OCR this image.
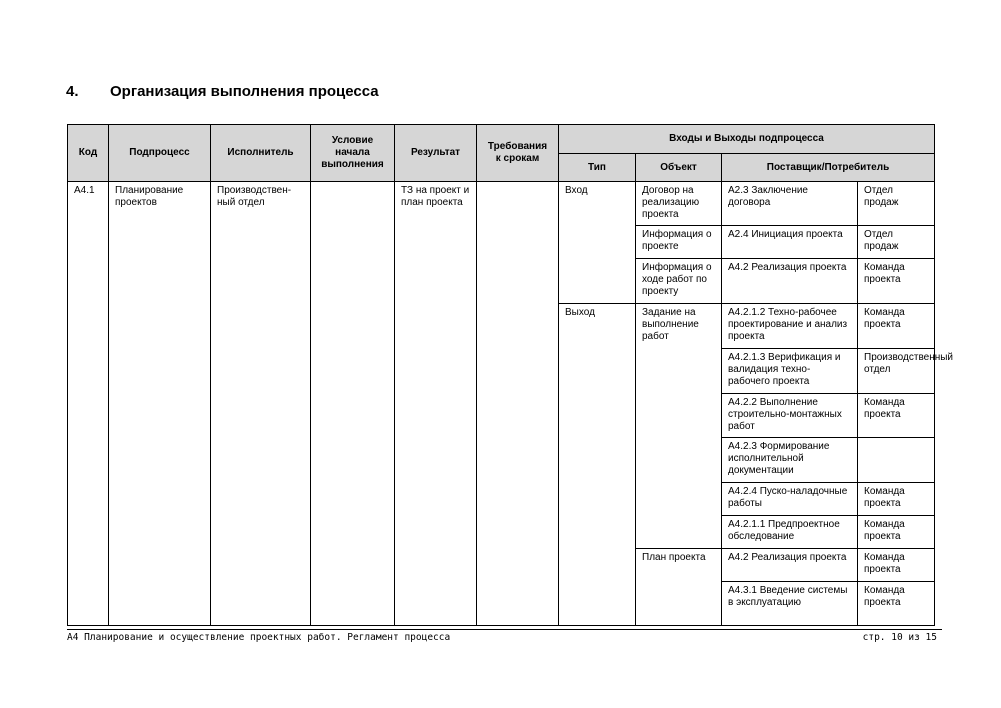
4. Организация выполнения процесса
Код	Подпроцесс	Исполнитель	Условие начала выполнения	Результат	Требования к срокам	Входы и Выходы подпроцесса			
						Тип	Объект	Поставщик/Потребитель	
A4.1	Планирование проектов	Производствен-ный отдел		ТЗ на проект и план проекта		Вход	Договор на реализацию проекта	A2.3 Заключение договора	Отдел продаж
							Информация о проекте	A2.4 Инициация проекта	Отдел продаж
							Информация о ходе работ по проекту	A4.2 Реализация проекта	Команда проекта
						Выход	Задание на выполнение работ	A4.2.1.2 Техно-рабочее проектирование и анализ проекта	Команда проекта
								A4.2.1.3 Верификация и валидация техно-рабочего проекта	Производственный отдел
								A4.2.2 Выполнение строительно-монтажных работ	Команда проекта
								A4.2.3 Формирование исполнительной документации	
								A4.2.4 Пуско-наладочные работы	Команда проекта
								A4.2.1.1 Предпроектное обследование	Команда проекта
							План проекта	A4.2 Реализация проекта	Команда проекта
								A4.3.1 Введение системы в эксплуатацию	Команда проекта
A4 Планирование и осуществление проектных работ. Регламент процесса	стр. 10 из 15
